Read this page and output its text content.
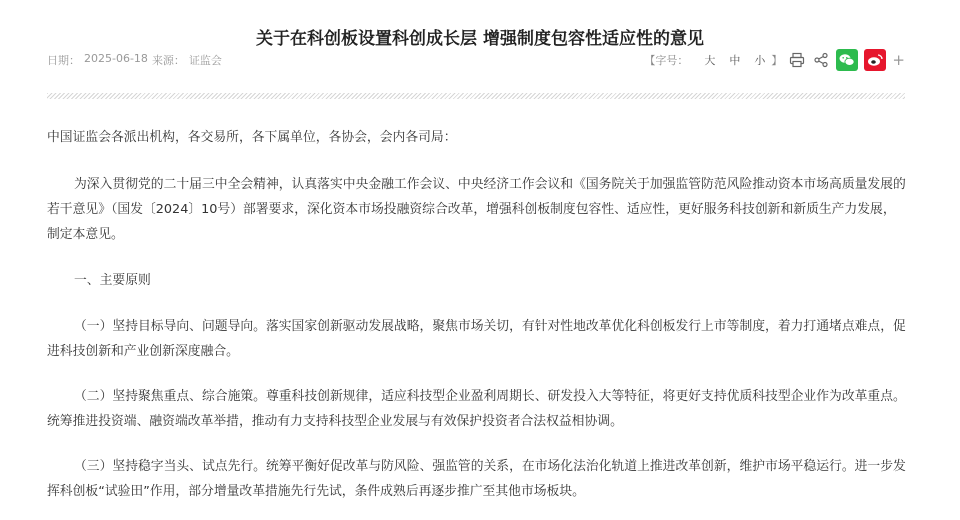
关于在科创板设置科创成长层 增强制度包容性适应性的意见
日期： 2025-06-18 来源： 证监会	【字号：	大	中	小 】	+

中国证监会各派出机构，各交易所，各下属单位，各协会，会内各司局：

为深入贯彻党的二十届三中全会精神，认真落实中央金融工作会议、中央经济工作会议和《国务院关于加强监管防范风险推动资本市场高质量发展的若干意见》（国发〔2024〕10号）部署要求，深化资本市场投融资综合改革，增强科创板制度包容性、适应性，更好服务科技创新和新质生产力发展，制定本意见。

一、主要原则

（一）坚持目标导向、问题导向。落实国家创新驱动发展战略，聚焦市场关切，有针对性地改革优化科创板发行上市等制度，着力打通堵点难点，促进科技创新和产业创新深度融合。

（二）坚持聚焦重点、综合施策。尊重科技创新规律，适应科技型企业盈利周期长、研发投入大等特征，将更好支持优质科技型企业作为改革重点。统筹推进投资端、融资端改革举措，推动有力支持科技型企业发展与有效保护投资者合法权益相协调。

（三）坚持稳字当头、试点先行。统筹平衡好促改革与防风险、强监管的关系，在市场化法治化轨道上推进改革创新，维护市场平稳运行。进一步发挥科创板“试验田”作用，部分增量改革措施先行先试，条件成熟后再逐步推广至其他市场板块。
